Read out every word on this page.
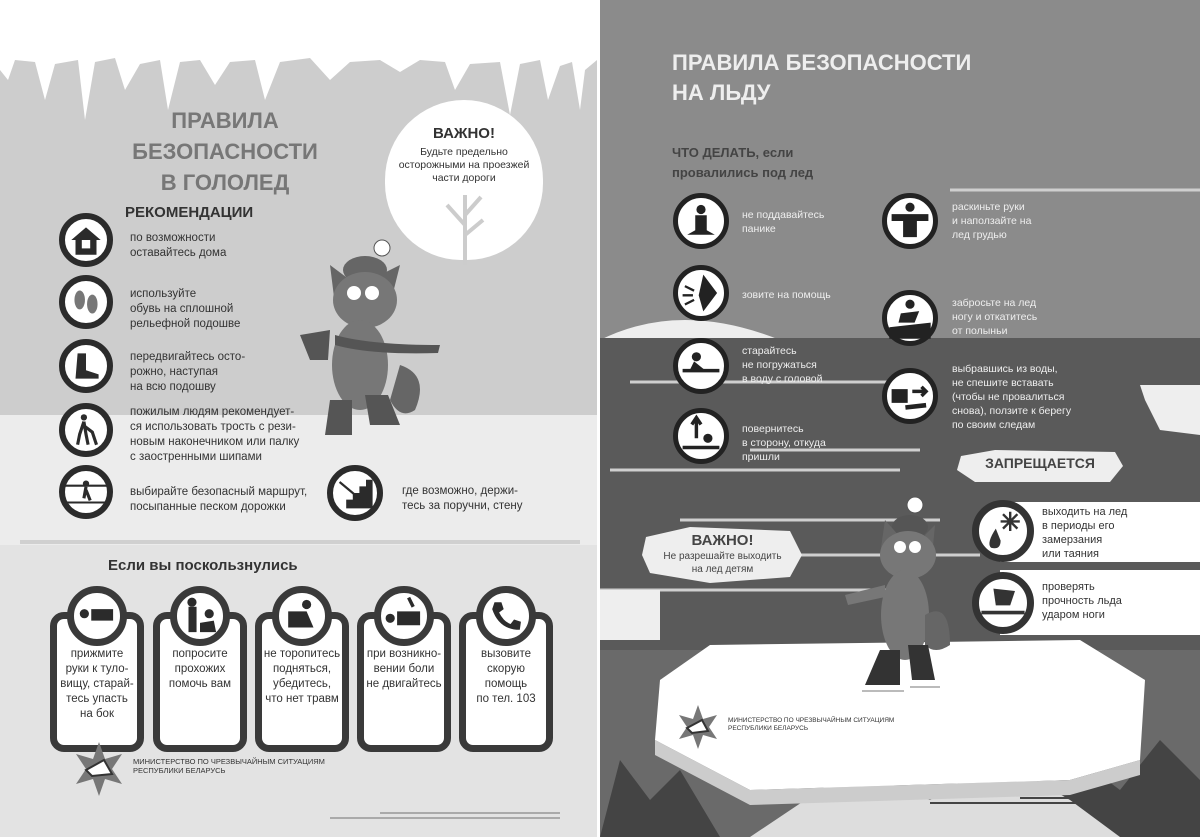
ПРАВИЛА
БЕЗОПАСНОСТИ
В ГОЛОЛЕД
ВАЖНО!
Будьте предельно
осторожными на проезжей
части дороги
РЕКОМЕНДАЦИИ
по возможности
оставайтесь дома
используйте
обувь на сплошной
рельефной подошве
передвигайтесь осто-
рожно, наступая
на всю подошву
пожилым людям рекомендует-
ся использовать трость с рези-
новым наконечником или палку
с заостренными шипами
выбирайте безопасный маршрут,
посыпанные песком дорожки
где возможно, держи-
тесь за поручни, стену
Если вы поскользнулись
прижмите
руки к туло-
вищу, старай-
тесь упасть
на бок
попросите
прохожих
помочь вам
не торопитесь
подняться,
убедитесь,
что нет травм
при возникно-
вении боли
не двигайтесь
вызовите
скорую
помощь
по тел. 103
МИНИСТЕРСТВО ПО ЧРЕЗВЫЧАЙНЫМ СИТУАЦИЯМ
РЕСПУБЛИКИ БЕЛАРУСЬ
ПРАВИЛА БЕЗОПАСНОСТИ
НА ЛЬДУ
ЧТО ДЕЛАТЬ, если
провалились под лед
не поддавайтесь
панике
зовите на помощь
старайтесь
не погружаться
в воду с головой
повернитесь
в сторону, откуда
пришли
раскиньте руки
и наползайте на
лед грудью
забросьте на лед
ногу и откатитесь
от полыньи
выбравшись из воды,
не спешите вставать
(чтобы не провалиться
снова), ползите к берегу
по своим следам
ЗАПРЕЩАЕТСЯ
выходить на лед
в периоды его
замерзания
или таяния
проверять
прочность льда
ударом ноги
ВАЖНО!
Не разрешайте выходить
на лед детям
МИНИСТЕРСТВО ПО ЧРЕЗВЫЧАЙНЫМ СИТУАЦИЯМ
РЕСПУБЛИКИ БЕЛАРУСЬ
